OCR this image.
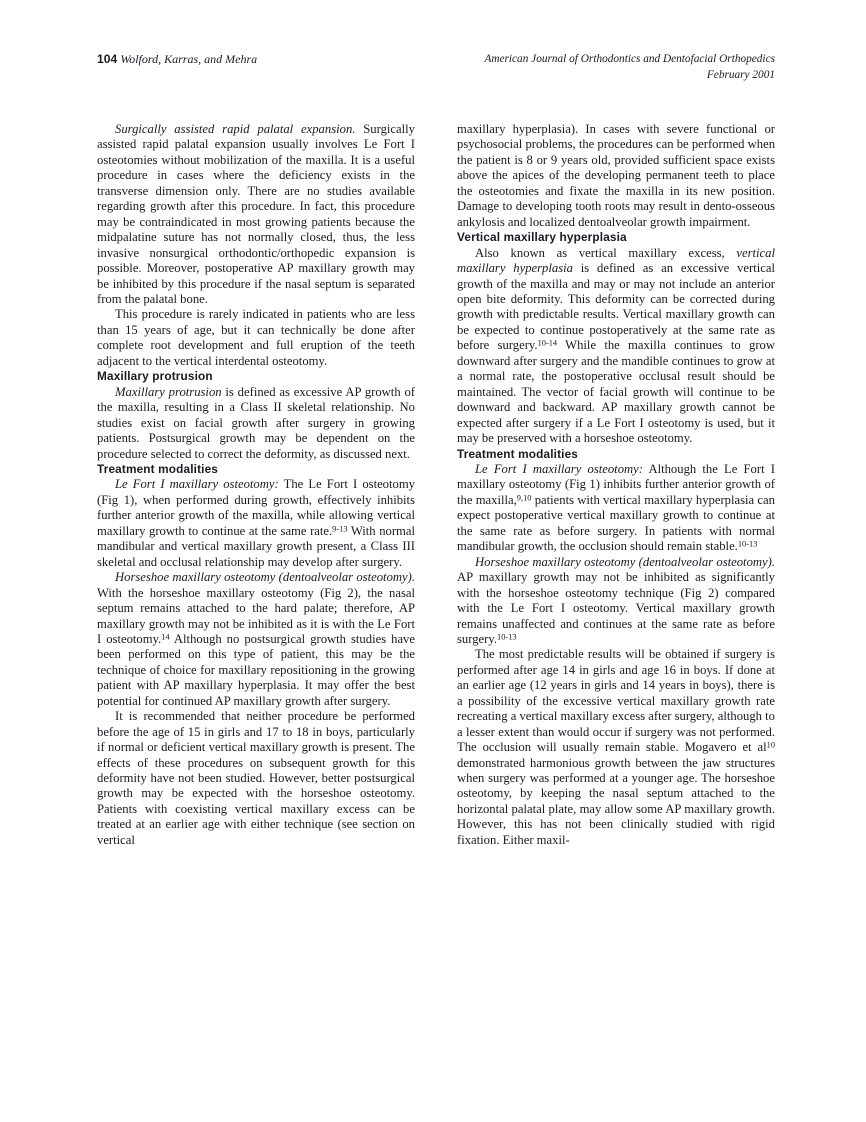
104 Wolford, Karras, and Mehra	American Journal of Orthodontics and Dentofacial Orthopedics
February 2001

Surgically assisted rapid palatal expansion. Surgically assisted rapid palatal expansion usually involves Le Fort I osteotomies without mobilization of the maxilla. It is a useful procedure in cases where the deficiency exists in the transverse dimension only. There are no studies available regarding growth after this procedure. In fact, this procedure may be contraindicated in most growing patients because the midpalatine suture has not normally closed, thus, the less invasive nonsurgical orthodontic/orthopedic expansion is possible. Moreover, postoperative AP maxillary growth may be inhibited by this procedure if the nasal septum is separated from the palatal bone.

This procedure is rarely indicated in patients who are less than 15 years of age, but it can technically be done after complete root development and full eruption of the teeth adjacent to the vertical interdental osteotomy.

Maxillary protrusion

Maxillary protrusion is defined as excessive AP growth of the maxilla, resulting in a Class II skeletal relationship. No studies exist on facial growth after surgery in growing patients. Postsurgical growth may be dependent on the procedure selected to correct the deformity, as discussed next.

Treatment modalities

Le Fort I maxillary osteotomy: The Le Fort I osteotomy (Fig 1), when performed during growth, effectively inhibits further anterior growth of the maxilla, while allowing vertical maxillary growth to continue at the same rate.$^{9-13}$ With normal mandibular and vertical maxillary growth present, a Class III skeletal and occlusal relationship may develop after surgery.

Horseshoe maxillary osteotomy (dentoalveolar osteotomy). With the horseshoe maxillary osteotomy (Fig 2), the nasal septum remains attached to the hard palate; therefore, AP maxillary growth may not be inhibited as it is with the Le Fort I osteotomy.$^{14}$ Although no postsurgical growth studies have been performed on this type of patient, this may be the technique of choice for maxillary repositioning in the growing patient with AP maxillary hyperplasia. It may offer the best potential for continued AP maxillary growth after surgery.

It is recommended that neither procedure be performed before the age of 15 in girls and 17 to 18 in boys, particularly if normal or deficient vertical maxillary growth is present. The effects of these procedures on subsequent growth for this deformity have not been studied. However, better postsurgical growth may be expected with the horseshoe osteotomy. Patients with coexisting vertical maxillary excess can be treated at an earlier age with either technique (see section on vertical

maxillary hyperplasia). In cases with severe functional or psychosocial problems, the procedures can be performed when the patient is 8 or 9 years old, provided sufficient space exists above the apices of the developing permanent teeth to place the osteotomies and fixate the maxilla in its new position. Damage to developing tooth roots may result in dento-osseous ankylosis and localized dentoalveolar growth impairment.

Vertical maxillary hyperplasia

Also known as vertical maxillary excess, vertical maxillary hyperplasia is defined as an excessive vertical growth of the maxilla and may or may not include an anterior open bite deformity. This deformity can be corrected during growth with predictable results. Vertical maxillary growth can be expected to continue postoperatively at the same rate as before surgery.$^{10-14}$ While the maxilla continues to grow downward after surgery and the mandible continues to grow at a normal rate, the postoperative occlusal result should be maintained. The vector of facial growth will continue to be downward and backward. AP maxillary growth cannot be expected after surgery if a Le Fort I osteotomy is used, but it may be preserved with a horseshoe osteotomy.

Treatment modalities

Le Fort I maxillary osteotomy: Although the Le Fort I maxillary osteotomy (Fig 1) inhibits further anterior growth of the maxilla,$^{9,10}$ patients with vertical maxillary hyperplasia can expect postoperative vertical maxillary growth to continue at the same rate as before surgery. In patients with normal mandibular growth, the occlusion should remain stable.$^{10-13}$

Horseshoe maxillary osteotomy (dentoalveolar osteotomy). AP maxillary growth may not be inhibited as significantly with the horseshoe osteotomy technique (Fig 2) compared with the Le Fort I osteotomy. Vertical maxillary growth remains unaffected and continues at the same rate as before surgery.$^{10-13}$

The most predictable results will be obtained if surgery is performed after age 14 in girls and age 16 in boys. If done at an earlier age (12 years in girls and 14 years in boys), there is a possibility of the excessive vertical maxillary growth rate recreating a vertical maxillary excess after surgery, although to a lesser extent than would occur if surgery was not performed. The occlusion will usually remain stable. Mogavero et $al^{10}$ demonstrated harmonious growth between the jaw structures when surgery was performed at a younger age. The horseshoe osteotomy, by keeping the nasal septum attached to the horizontal palatal plate, may allow some AP maxillary growth. However, this has not been clinically studied with rigid fixation. Either maxil-
